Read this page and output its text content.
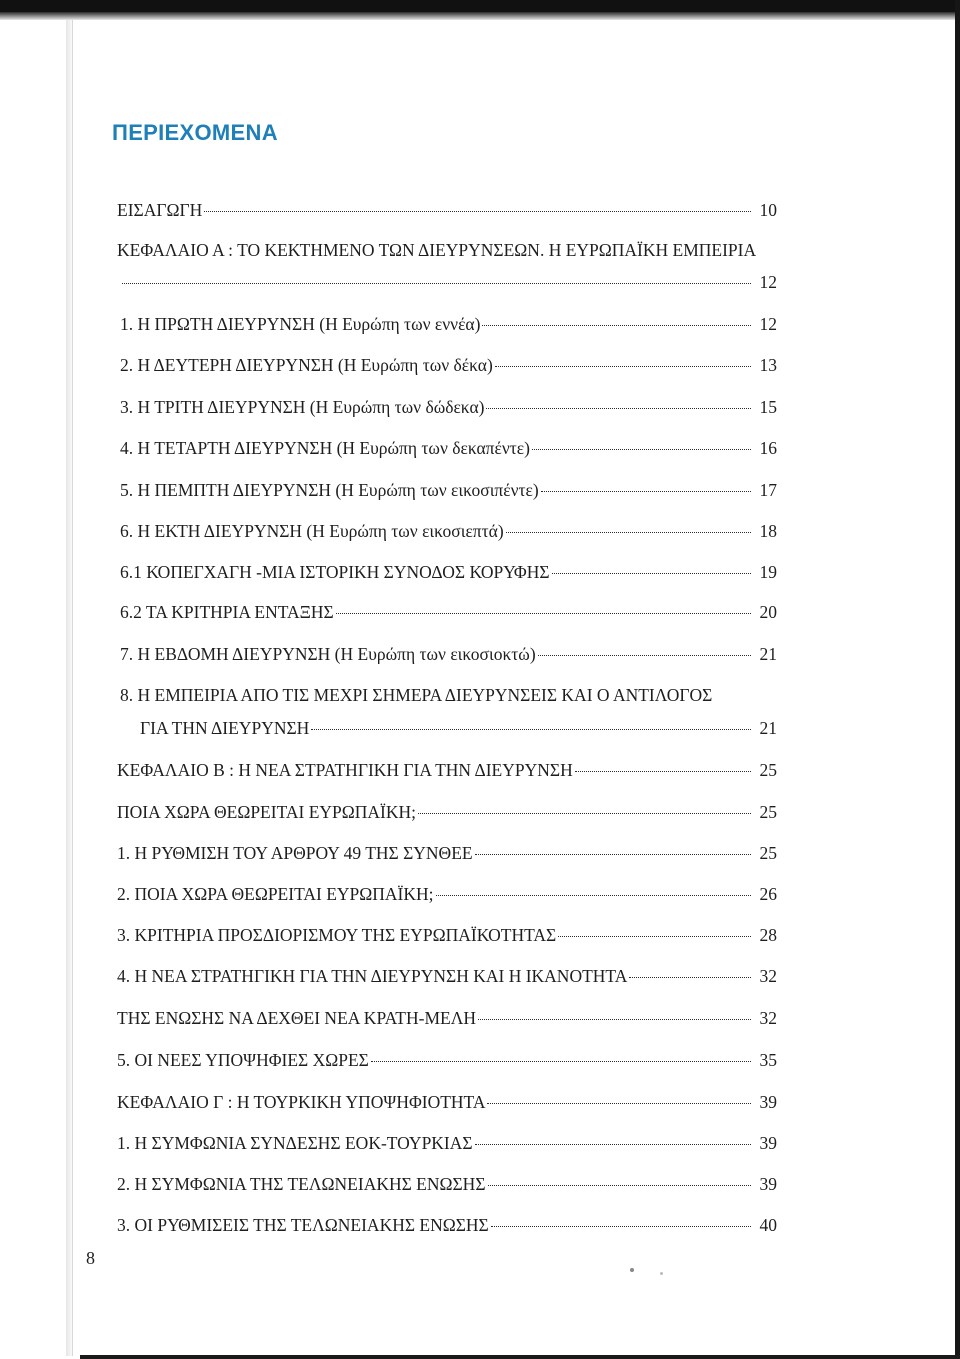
ΠΕΡΙΕΧΟΜΕΝΑ
ΕΙΣΑΓΩΓΗ	10
ΚΕΦΑΛΑΙΟ Α : ΤΟ ΚΕΚΤΗΜΕΝΟ ΤΩΝ ΔΙΕΥΡΥΝΣΕΩΝ. Η ΕΥΡΩΠΑΪΚΗ ΕΜΠΕΙΡΙΑ
12
1. Η ΠΡΩΤΗ ΔΙΕΥΡΥΝΣΗ (Η Ευρώπη των εννέα)	12
2. Η ΔΕΥΤΕΡΗ ΔΙΕΥΡΥΝΣΗ (Η Ευρώπη των δέκα)	13
3. Η ΤΡΙΤΗ ΔΙΕΥΡΥΝΣΗ (Η Ευρώπη των δώδεκα)	15
4. Η ΤΕΤΑΡΤΗ ΔΙΕΥΡΥΝΣΗ (Η Ευρώπη των δεκαπέντε)	16
5. Η ΠΕΜΠΤΗ ΔΙΕΥΡΥΝΣΗ (Η Ευρώπη των εικοσιπέντε)	17
6. Η ΕΚΤΗ ΔΙΕΥΡΥΝΣΗ (Η Ευρώπη των εικοσιεπτά)	18
6.1 ΚΟΠΕΓΧΑΓΗ -ΜΙΑ ΙΣΤΟΡΙΚΗ ΣΥΝΟΔΟΣ ΚΟΡΥΦΗΣ	19
6.2 ΤΑ ΚΡΙΤΗΡΙΑ ΕΝΤΑΞΗΣ	20
7. Η ΕΒΔΟΜΗ ΔΙΕΥΡΥΝΣΗ (Η Ευρώπη των εικοσιοκτώ)	21
8. Η ΕΜΠΕΙΡΙΑ ΑΠΟ ΤΙΣ ΜΕΧΡΙ ΣΗΜΕΡΑ ΔΙΕΥΡΥΝΣΕΙΣ ΚΑΙ Ο ΑΝΤΙΛΟΓΟΣ
ΓΙΑ ΤΗΝ ΔΙΕΥΡΥΝΣΗ	21
ΚΕΦΑΛΑΙΟ Β : Η ΝΕΑ ΣΤΡΑΤΗΓΙΚΗ ΓΙΑ ΤΗΝ ΔΙΕΥΡΥΝΣΗ	25
ΠΟΙΑ ΧΩΡΑ ΘΕΩΡΕΙΤΑΙ ΕΥΡΩΠΑΪΚΗ;	25
1. Η ΡΥΘΜΙΣΗ ΤΟΥ ΑΡΘΡΟΥ 49 ΤΗΣ ΣΥΝΘΕΕ	25
2. ΠΟΙΑ ΧΩΡΑ ΘΕΩΡΕΙΤΑΙ ΕΥΡΩΠΑΪΚΗ;	26
3. ΚΡΙΤΗΡΙΑ ΠΡΟΣΔΙΟΡΙΣΜΟΥ ΤΗΣ ΕΥΡΩΠΑΪΚΟΤΗΤΑΣ	28
4. Η ΝΕΑ ΣΤΡΑΤΗΓΙΚΗ ΓΙΑ ΤΗΝ ΔΙΕΥΡΥΝΣΗ ΚΑΙ Η ΙΚΑΝΟΤΗΤΑ	32
ΤΗΣ ΕΝΩΣΗΣ ΝΑ ΔΕΧΘΕΙ ΝΕΑ ΚΡΑΤΗ-ΜΕΛΗ	32
5. ΟΙ ΝΕΕΣ ΥΠΟΨΗΦΙΕΣ ΧΩΡΕΣ	35
ΚΕΦΑΛΑΙΟ Γ : Η ΤΟΥΡΚΙΚΗ ΥΠΟΨΗΦΙΟΤΗΤΑ	39
1. Η ΣΥΜΦΩΝΙΑ ΣΥΝΔΕΣΗΣ ΕΟΚ-ΤΟΥΡΚΙΑΣ	39
2. Η ΣΥΜΦΩΝΙΑ ΤΗΣ ΤΕΛΩΝΕΙΑΚΗΣ ΕΝΩΣΗΣ	39
3. ΟΙ ΡΥΘΜΙΣΕΙΣ ΤΗΣ ΤΕΛΩΝΕΙΑΚΗΣ ΕΝΩΣΗΣ	40
8
